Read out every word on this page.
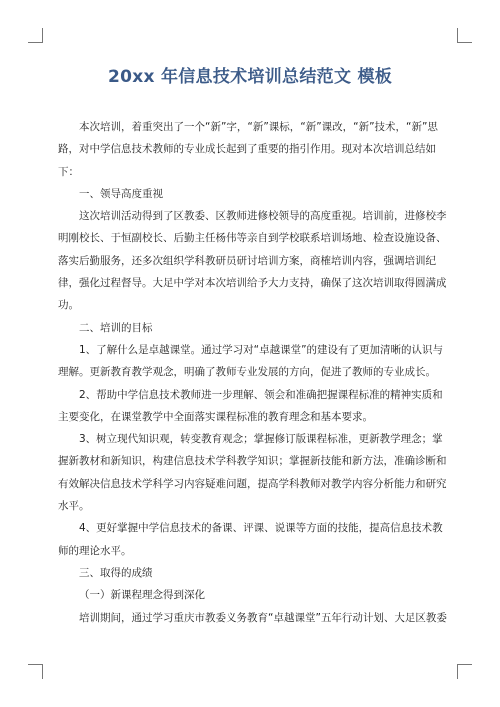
20xx 年信息技术培训总结范文 模板

本次培训，着重突出了一个“新”字，“新”课标，“新”课改，“新”技术，“新”思路，对中学信息技术教师的专业成长起到了重要的指引作用。现对本次培训总结如下：

一、领导高度重视

这次培训活动得到了区教委、区教师进修校领导的高度重视。培训前，进修校李明刚校长、于恒副校长、后勤主任杨伟等亲自到学校联系培训场地、检查设施设备、落实后勤服务，还多次组织学科教研员研讨培训方案，商榷培训内容，强调培训纪律，强化过程督导。大足中学对本次培训给予大力支持，确保了这次培训取得圆满成功。

二、培训的目标

1、了解什么是卓越课堂。通过学习对“卓越课堂”的建设有了更加清晰的认识与理解。更新教育教学观念，明确了教师专业发展的方向，促进了教师的专业成长。

2、帮助中学信息技术教师进一步理解、领会和准确把握课程标准的精神实质和主要变化，在课堂教学中全面落实课程标准的教育理念和基本要求。

3、树立现代知识观，转变教育观念；掌握修订版课程标准，更新教学理念；掌握新教材和新知识，构建信息技术学科教学知识；掌握新技能和新方法，准确诊断和有效解决信息技术学科学习内容疑难问题，提高学科教师对教学内容分析能力和研究水平。

4、更好掌握中学信息技术的备课、评课、说课等方面的技能，提高信息技术教师的理论水平。

三、取得的成绩

（一）新课程理念得到深化

培训期间，通过学习重庆市教委义务教育“卓越课堂”五年行动计划、大足区教委
